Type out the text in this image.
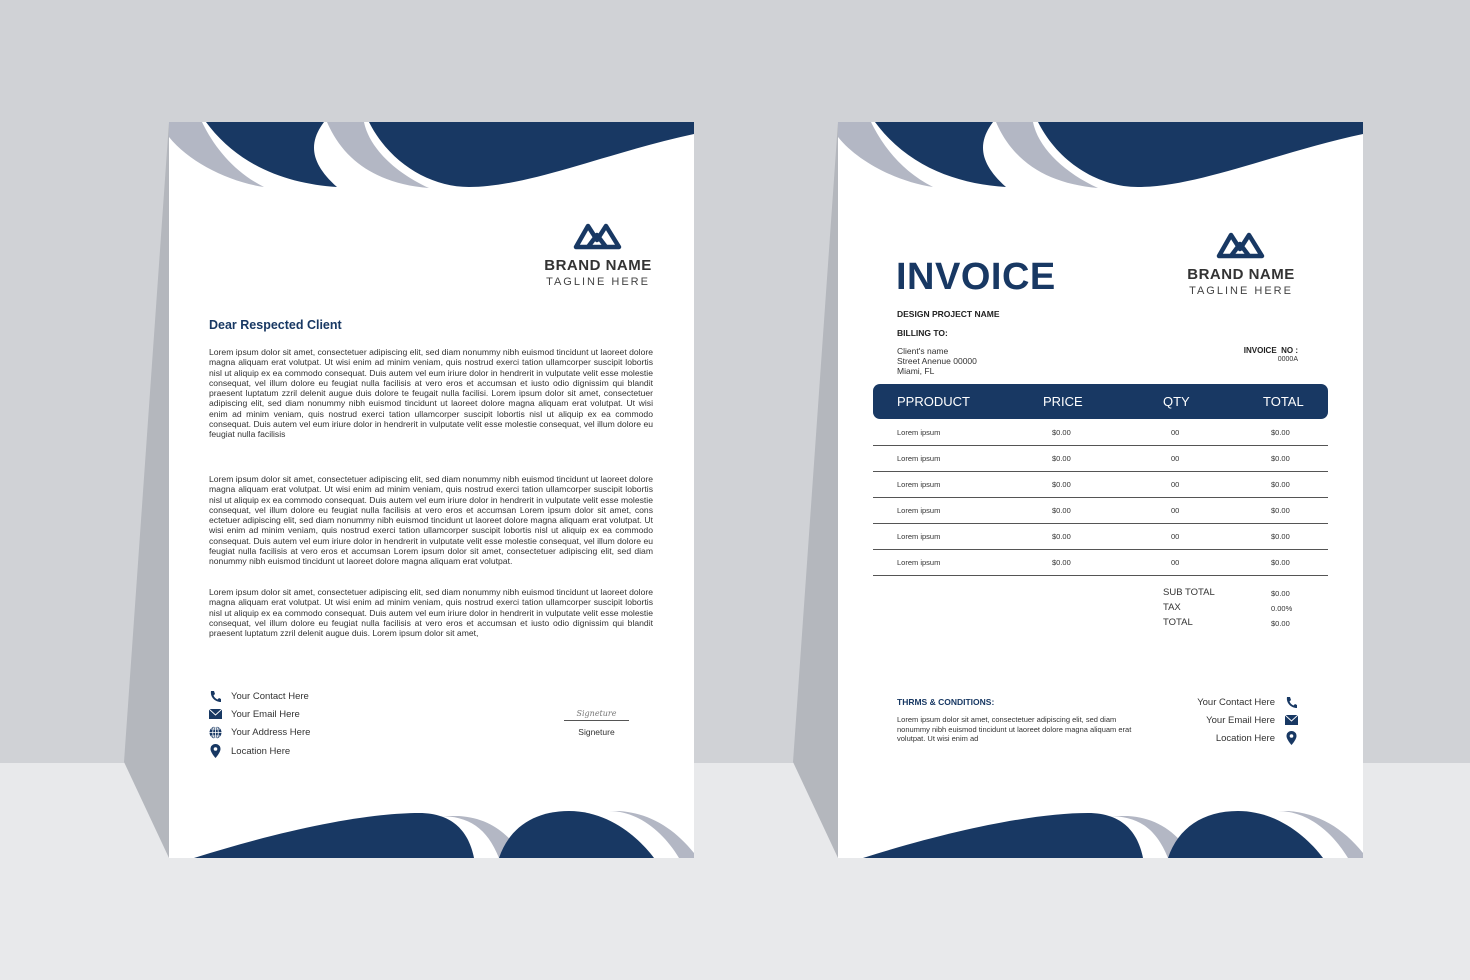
BRAND NAME
TAGLINE HERE
Dear Respected Client
Lorem ipsum dolor sit amet, consectetuer adipiscing elit, sed diam nonummy nibh euismod tincidunt ut laoreet dolore magna aliquam erat volutpat. Ut wisi enim ad minim veniam, quis nostrud exerci tation ullamcorper suscipit lobortis nisl ut aliquip ex ea commodo consequat. Duis autem vel eum iriure dolor in hendrerit in vulputate velit esse molestie consequat, vel illum dolore eu feugiat nulla facilisis at vero eros et accumsan et iusto odio dignissim qui blandit praesent luptatum zzril delenit augue duis dolore te feugait nulla facilisi. Lorem ipsum dolor sit amet, consectetuer adipiscing elit, sed diam nonummy nibh euismod tincidunt ut laoreet dolore magna aliquam erat volutpat. Ut wisi enim ad minim veniam, quis nostrud exerci tation ullamcorper suscipit lobortis nisl ut aliquip ex ea commodo consequat. Duis autem vel eum iriure dolor in hendrerit in vulputate velit esse molestie consequat, vel illum dolore eu feugiat nulla facilisis
Lorem ipsum dolor sit amet, consectetuer adipiscing elit, sed diam nonummy nibh euismod tincidunt ut laoreet dolore magna aliquam erat volutpat. Ut wisi enim ad minim veniam, quis nostrud exerci tation ullamcorper suscipit lobortis nisl ut aliquip ex ea commodo consequat. Duis autem vel eum iriure dolor in hendrerit in vulputate velit esse molestie consequat, vel illum dolore eu feugiat nulla facilisis at vero eros et accumsan Lorem ipsum dolor sit amet, cons ectetuer adipiscing elit, sed diam nonummy nibh euismod tincidunt ut laoreet dolore magna aliquam erat volutpat. Ut wisi enim ad minim veniam, quis nostrud exerci tation ullamcorper suscipit lobortis nisl ut aliquip ex ea commodo consequat. Duis autem vel eum iriure dolor in hendrerit in vulputate velit esse molestie consequat, vel illum dolore eu feugiat nulla facilisis at vero eros et accumsan Lorem ipsum dolor sit amet, consectetuer adipiscing elit, sed diam nonummy nibh euismod tincidunt ut laoreet dolore magna aliquam erat volutpat.
Lorem ipsum dolor sit amet, consectetuer adipiscing elit, sed diam nonummy nibh euismod tincidunt ut laoreet dolore magna aliquam erat volutpat. Ut wisi enim ad minim veniam, quis nostrud exerci tation ullamcorper suscipit lobortis nisl ut aliquip ex ea commodo consequat. Duis autem vel eum iriure dolor in hendrerit in vulputate velit esse molestie consequat, vel illum dolore eu feugiat nulla facilisis at vero eros et accumsan et iusto odio dignissim qui blandit praesent luptatum zzril delenit augue duis. Lorem ipsum dolor sit amet,
Your Contact Here
Your Email Here
Your Address Here
Location Here
Signeture
Signeture
BRAND NAME
TAGLINE HERE
INVOICE
DESIGN PROJECT NAME
BILLING TO:
Client's name
Street Anenue 00000
Miami, FL
INVOICE  NO :
0000A
PPRODUCT	PRICE	QTY	TOTAL
Lorem ipsum	$0.00	00	$0.00
Lorem ipsum	$0.00	00	$0.00
Lorem ipsum	$0.00	00	$0.00
Lorem ipsum	$0.00	00	$0.00
Lorem ipsum	$0.00	00	$0.00
Lorem ipsum	$0.00	00	$0.00
SUB TOTAL	$0.00
TAX	0.00%
TOTAL	$0.00
THRMS & CONDITIONS:
Lorem ipsum dolor sit amet, consectetuer adipiscing elit, sed diam nonummy nibh euismod tincidunt ut laoreet dolore magna aliquam erat volutpat. Ut wisi enim ad
Your Contact Here
Your Email Here
Location Here
